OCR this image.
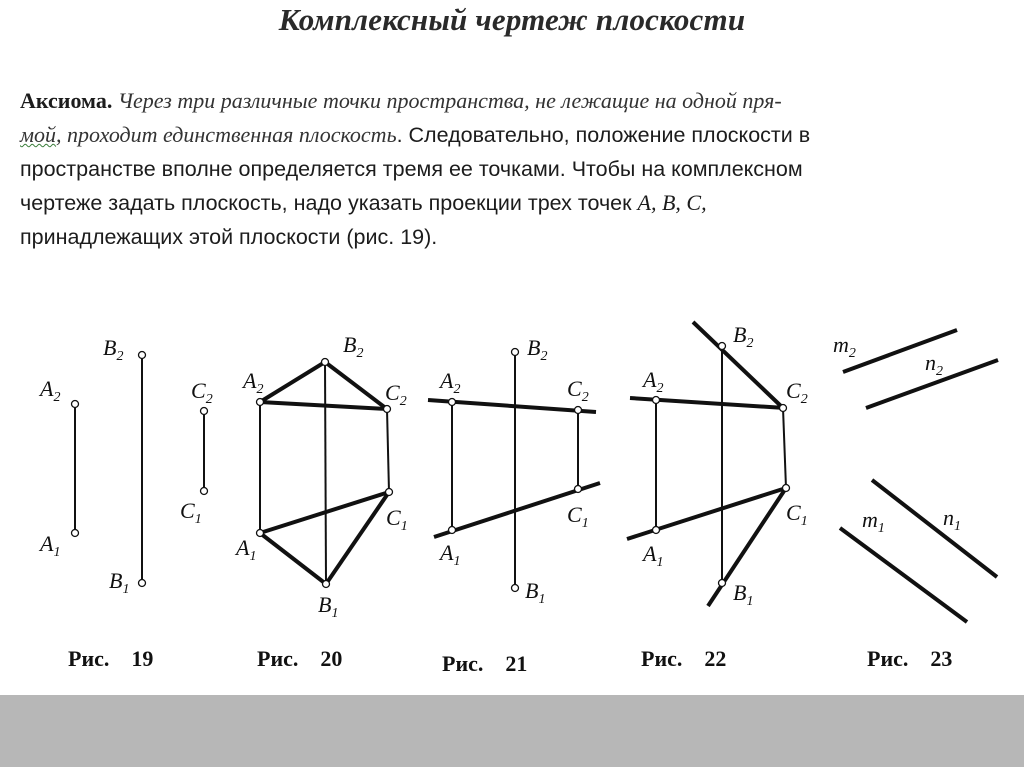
Комплексный чертеж плоскости
Аксиома. Через три различные точки пространства, не лежащие на одной пря-
мой, проходит единственная плоскость. Следовательно, положение плоскости в
пространстве вполне определяется тремя ее точками. Чтобы на комплексном
чертеже задать плоскость, надо указать проекции трех точек A, B, C,
принадлежащих этой плоскости (рис. 19).
$A_2$
$A_1$
$B_2$
$B_1$
$C_2$
$C_1$
Рис. 19
$A_2$
$B_2$
$C_2$
$A_1$
$B_1$
$C_1$
Рис. 20
$A_2$
$B_2$
$C_2$
$A_1$
$B_1$
$C_1$
Рис. 21
$A_2$
$B_2$
$C_2$
$A_1$
$B_1$
$C_1$
Рис. 22
$m_2$	$n_2$
$m_1$	$n_1$
Рис. 23
